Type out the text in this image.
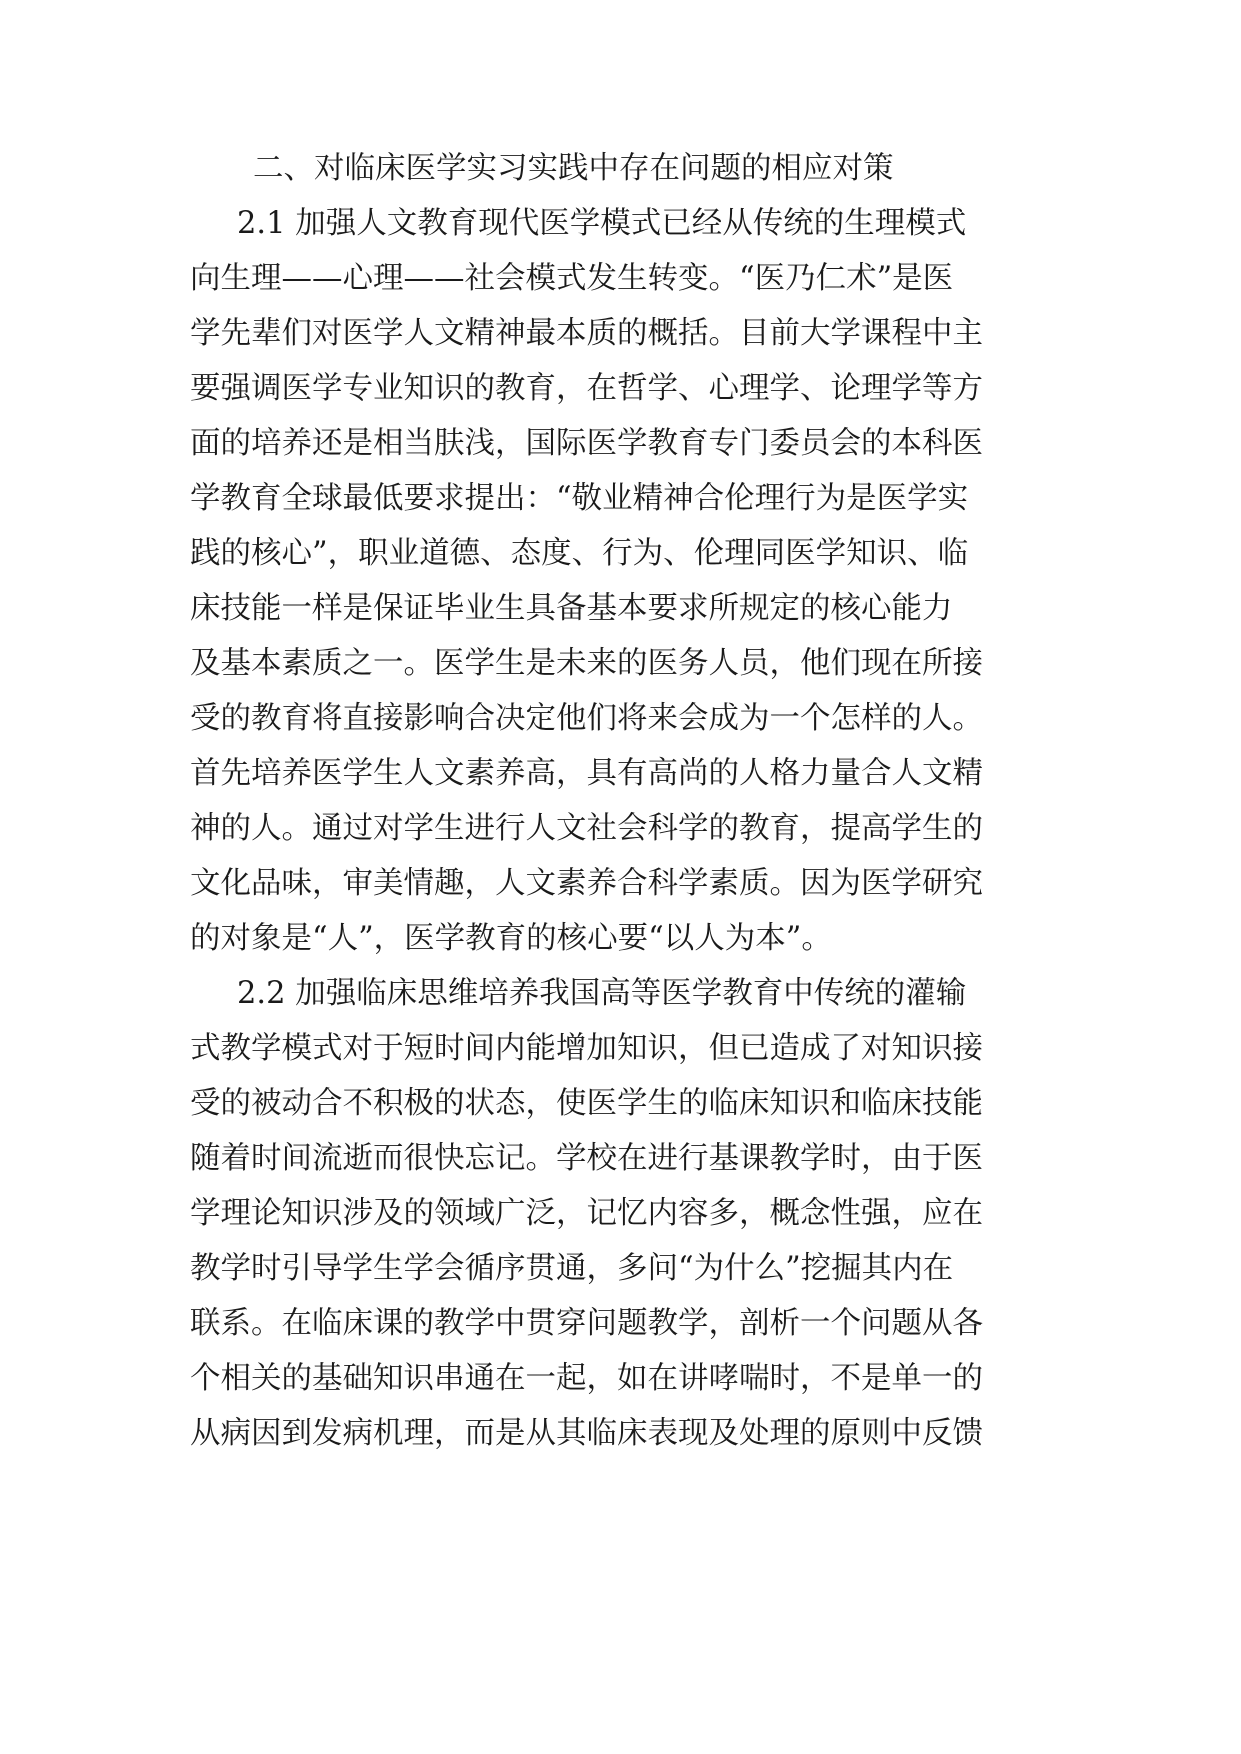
二、对临床医学实习实践中存在问题的相应对策

2.1 加强人文教育现代医学模式已经从传统的生理模式

向生理——心理——社会模式发生转变。“医乃仁术”是医

学先辈们对医学人文精神最本质的概括。目前大学课程中主

要强调医学专业知识的教育，在哲学、心理学、论理学等方

面的培养还是相当肤浅，国际医学教育专门委员会的本科医

学教育全球最低要求提出：“敬业精神合伦理行为是医学实

践的核心”，职业道德、态度、行为、伦理同医学知识、临

床技能一样是保证毕业生具备基本要求所规定的核心能力

及基本素质之一。医学生是未来的医务人员，他们现在所接

受的教育将直接影响合决定他们将来会成为一个怎样的人。

首先培养医学生人文素养高，具有高尚的人格力量合人文精

神的人。通过对学生进行人文社会科学的教育，提高学生的

文化品味，审美情趣，人文素养合科学素质。因为医学研究

的对象是“人”，医学教育的核心要“以人为本”。

2.2 加强临床思维培养我国高等医学教育中传统的灌输

式教学模式对于短时间内能增加知识，但已造成了对知识接

受的被动合不积极的状态，使医学生的临床知识和临床技能

随着时间流逝而很快忘记。学校在进行基课教学时，由于医

学理论知识涉及的领域广泛，记忆内容多，概念性强，应在

教学时引导学生学会循序贯通，多问“为什么”挖掘其内在

联系。在临床课的教学中贯穿问题教学，剖析一个问题从各

个相关的基础知识串通在一起，如在讲哮喘时，不是单一的

从病因到发病机理，而是从其临床表现及处理的原则中反馈
